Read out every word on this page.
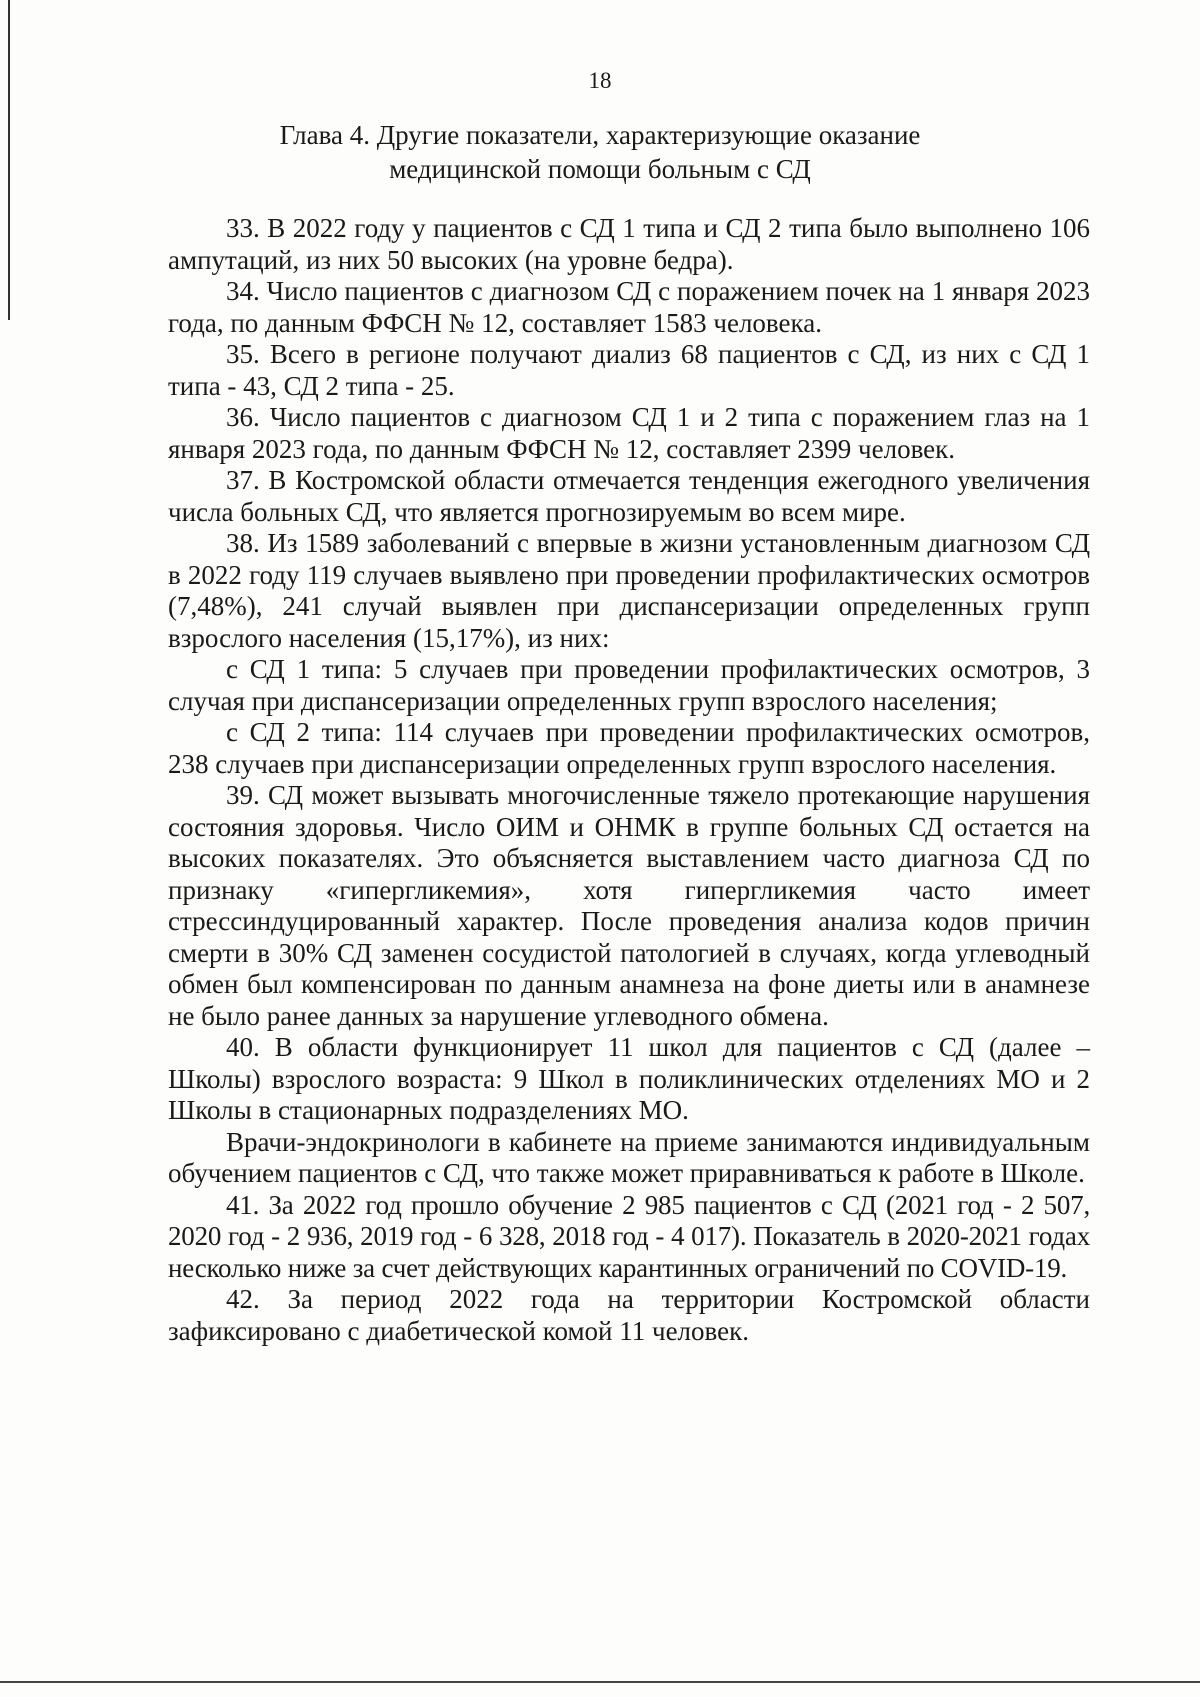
18
Глава 4. Другие показатели, характеризующие оказание
медицинской помощи больным с СД

33. В 2022 году у пациентов с СД 1 типа и СД 2 типа было выполнено 106 ампутаций, из них 50 высоких (на уровне бедра).

34. Число пациентов с диагнозом СД с поражением почек на 1 января 2023 года, по данным ФФСН № 12, составляет 1583 человека.

35. Всего в регионе получают диализ 68 пациентов с СД, из них с СД 1 типа - 43, СД 2 типа - 25.

36. Число пациентов с диагнозом СД 1 и 2 типа с поражением глаз на 1 января 2023 года, по данным ФФСН № 12, составляет 2399 человек.

37. В Костромской области отмечается тенденция ежегодного увеличения числа больных СД, что является прогнозируемым во всем мире.

38. Из 1589 заболеваний с впервые в жизни установленным диагнозом СД в 2022 году 119 случаев выявлено при проведении профилактических осмотров (7,48%), 241 случай выявлен при диспансеризации определенных групп взрослого населения (15,17%), из них:

с СД 1 типа: 5 случаев при проведении профилактических осмотров, 3 случая при диспансеризации определенных групп взрослого населения;

с СД 2 типа: 114 случаев при проведении профилактических осмотров, 238 случаев при диспансеризации определенных групп взрослого населения.

39. СД может вызывать многочисленные тяжело протекающие нарушения состояния здоровья. Число ОИМ и ОНМК в группе больных СД остается на высоких показателях. Это объясняется выставлением часто диагноза СД по признаку «гипергликемия», хотя гипергликемия часто имеет стрессиндуцированный характер. После проведения анализа кодов причин смерти в 30% СД заменен сосудистой патологией в случаях, когда углеводный обмен был компенсирован по данным анамнеза на фоне диеты или в анамнезе не было ранее данных за нарушение углеводного обмена.

40. В области функционирует 11 школ для пациентов с СД (далее – Школы) взрослого возраста: 9 Школ в поликлинических отделениях МО и 2 Школы в стационарных подразделениях МО.

Врачи-эндокринологи в кабинете на приеме занимаются индивидуальным обучением пациентов с СД, что также может приравниваться к работе в Школе.

41. За 2022 год прошло обучение 2 985 пациентов с СД (2021 год - 2 507, 2020 год - 2 936, 2019 год - 6 328, 2018 год - 4 017). Показатель в 2020-2021 годах несколько ниже за счет действующих карантинных ограничений по COVID-19.

42. За период 2022 года на территории Костромской области зафиксировано с диабетической комой 11 человек.
